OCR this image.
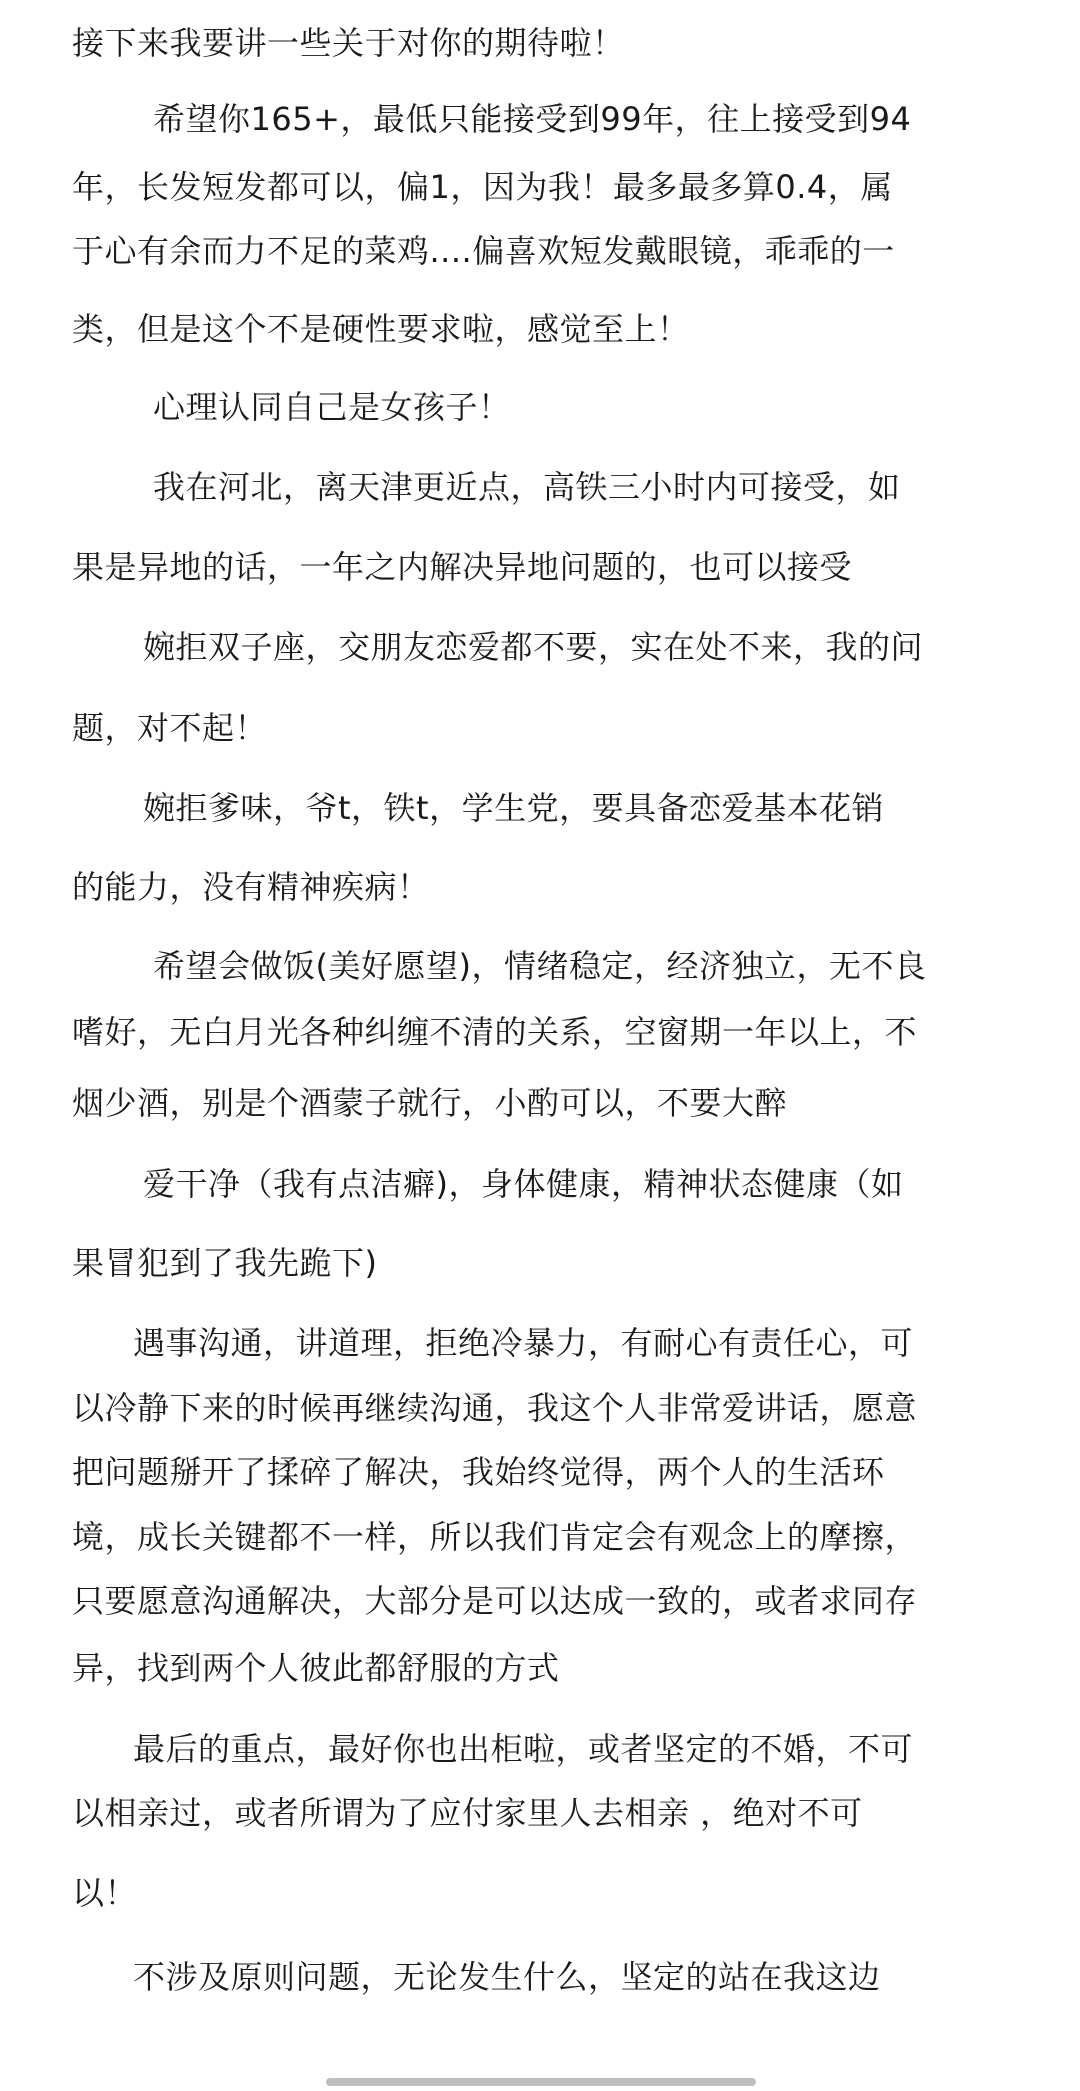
接下来我要讲一些关于对你的期待啦！

希望你165+，最低只能接受到99年，往上接受到94

年，长发短发都可以，偏1，因为我！最多最多算0.4，属

于心有余而力不足的菜鸡....偏喜欢短发戴眼镜，乖乖的一

类，但是这个不是硬性要求啦，感觉至上！

心理认同自己是女孩子！

我在河北，离天津更近点，高铁三小时内可接受，如

果是异地的话，一年之内解决异地问题的，也可以接受

婉拒双子座，交朋友恋爱都不要，实在处不来，我的问

题，对不起！

婉拒爹味，爷t，铁t，学生党，要具备恋爱基本花销

的能力，没有精神疾病！

希望会做饭(美好愿望)，情绪稳定，经济独立，无不良

嗜好，无白月光各种纠缠不清的关系，空窗期一年以上，不

烟少酒，别是个酒蒙子就行，小酌可以，不要大醉

爱干净（我有点洁癖)，身体健康，精神状态健康（如

果冒犯到了我先跪下)

遇事沟通，讲道理，拒绝冷暴力，有耐心有责任心，可

以冷静下来的时候再继续沟通，我这个人非常爱讲话，愿意

把问题掰开了揉碎了解决，我始终觉得，两个人的生活环

境，成长关键都不一样，所以我们肯定会有观念上的摩擦，

只要愿意沟通解决，大部分是可以达成一致的，或者求同存

异，找到两个人彼此都舒服的方式

最后的重点，最好你也出柜啦，或者坚定的不婚，不可

以相亲过，或者所谓为了应付家里人去相亲 ，绝对不可

以！

不涉及原则问题，无论发生什么，坚定的站在我这边
